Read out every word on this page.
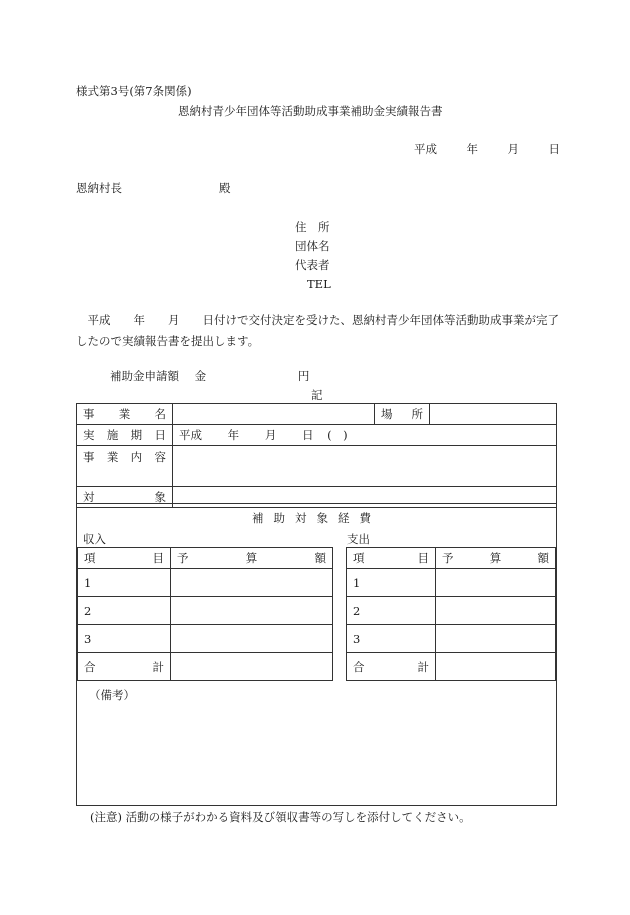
様式第3号(第7条関係)
恩納村青少年団体等活動助成事業補助金実績報告書
平成	年	月	日
恩納村長	殿
住　所
団体名
代表者
TEL
　平成　　年　　月　　日付けで交付決定を受けた、恩納村青少年団体等活動助成事業が完了したので実績報告書を提出します。
補助金申請額 金	円
記
事業名		場所	
実施期日	平成 年 月 日 (　)		
事業内容			
対象			
補助対象経費
収入	支出
項目	予算額
1	
2	
3	
合計	
項目	予算額
1	
2	
3	
合計	
（備考）
(注意) 活動の様子がわかる資料及び領収書等の写しを添付してください。
